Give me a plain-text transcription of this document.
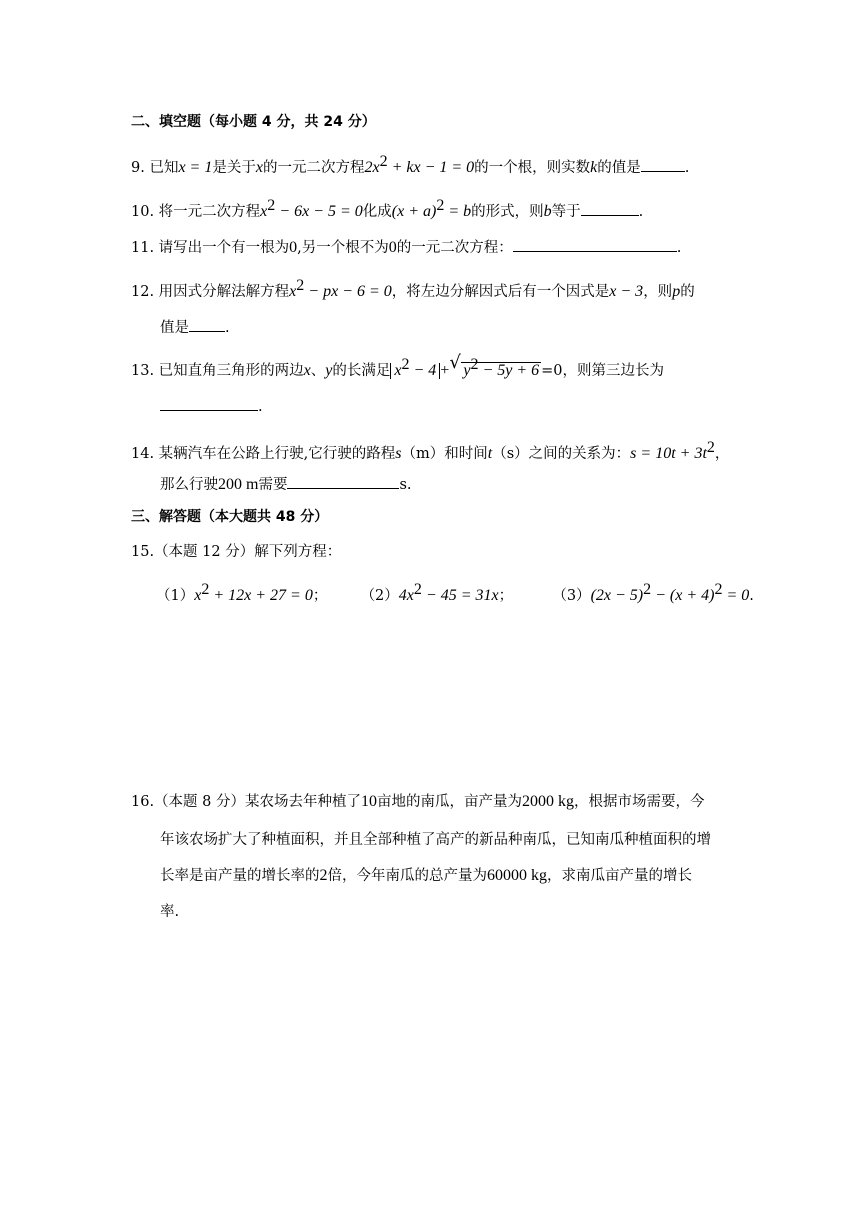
二、填空题（每小题 4 分，共 24 分）
9. 已知x = 1是关于x的一元二次方程$2x^2$ + kx − 1 = 0的一个根，则实数k的值是	.
10. 将一元二次方程$x^2 - 6x - 5 = 0$化成$(x + a)^2 = b$的形式，则b等于	.
11. 请写出一个有一根为0,另一个根不为0的一元二次方程：	.
12. 用因式分解法解方程$x^2$ − px − 6 = 0，将左边分解因式后有一个因式是x − 3，则p的
值是 .
13. 已知直角三角形的两边x、y的长满足 $x^2 - 4$ + √ $y^2 - 5y + 6 =0$，则第三边长为
.
14. 某辆汽车在公路上行驶,它行驶的路程s（m）和时间t（s）之间的关系为：$s = 10t + 3t^2$，
那么行驶200 m需要	s.
三、解答题（本大题共 48 分）
15.（本题 12 分）解下列方程：
$(1)x^2 + 12x + 27 = 0$； $(2)4x^2 - 45 = 31x$；	$(3)(2x - 5)^2 - (x + 4)^2 = 0$.
16.（本题 8 分）某农场去年种植了10亩地的南瓜，亩产量为2000 kg，根据市场需要，今
年该农场扩大了种植面积，并且全部种植了高产的新品种南瓜，已知南瓜种植面积的增
长率是亩产量的增长率的2倍，今年南瓜的总产量为60000 kg，求南瓜亩产量的增长
率.
